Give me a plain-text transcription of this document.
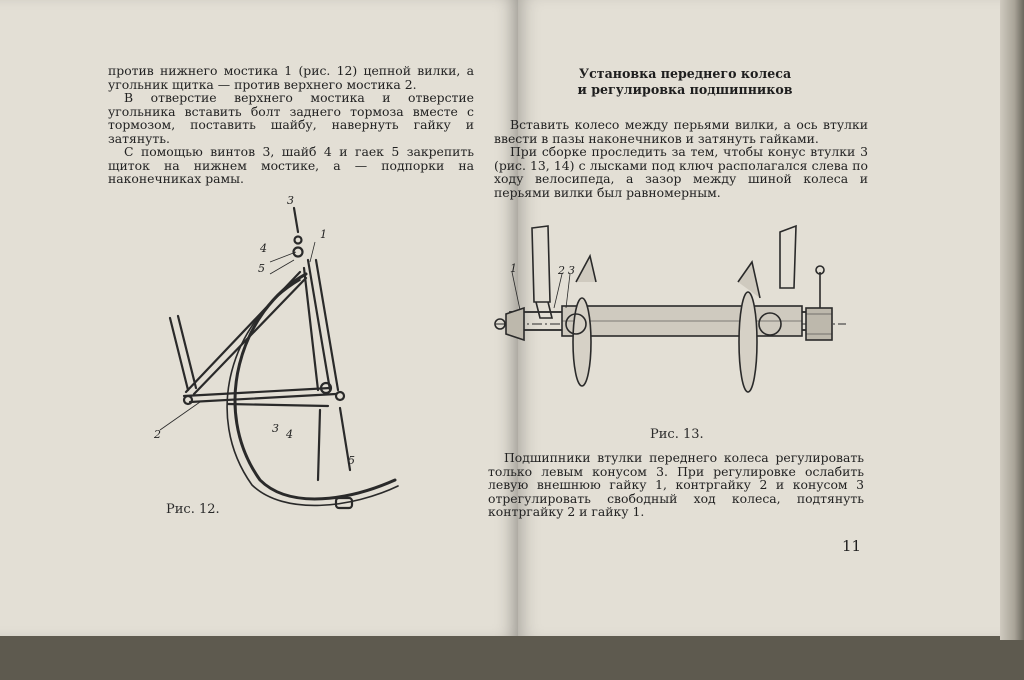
против нижнего мостика 1 (рис. 12) цепной вилки, а угольник щитка — против верхнего мостика 2.

В отверстие верхнего мостика и отверстие угольника вставить болт заднего тормоза вместе с тормозом, поставить шайбу, навернуть гайку и затянуть.

С помощью винтов 3, шайб 4 и гаек 5 закрепить щиток на нижнем мостике, а — подпорки на наконечниках рамы.

3
4
5
1
2	3 4
5
Рис. 12.
Установка переднего колеса
и регулировка подшипников

Вставить колесо между перьями вилки, а ось втулки ввести в пазы наконечников и затянуть гайками.

При сборке проследить за тем, чтобы конус втулки 3 (рис. 13, 14) с лысками под ключ располагался слева по ходу велосипеда, а зазор между шиной колеса и перьями вилки был равномерным.

1	2 3
Рис. 13.

Подшипники втулки переднего колеса регулировать только левым конусом 3. При регулировке ослабить левую внешнюю гайку 1, контргайку 2 и конусом 3 отрегулировать свободный ход колеса, подтянуть контргайку 2 и гайку 1.

11
